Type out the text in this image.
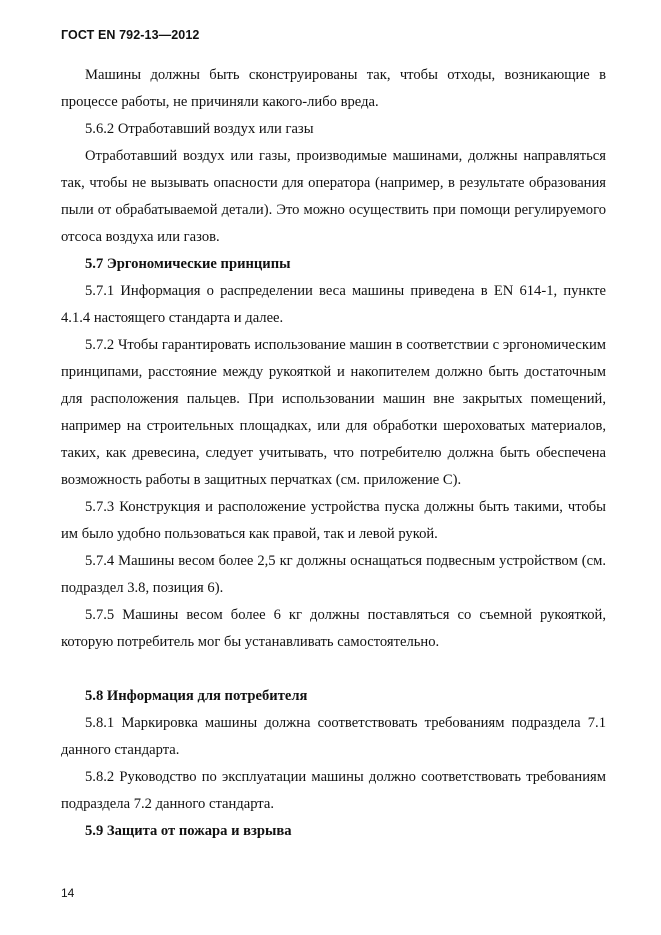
ГОСТ EN 792-13—2012

Машины должны быть сконструированы так, чтобы отходы, возникающие в процессе работы, не причиняли какого-либо вреда.

5.6.2 Отработавший воздух или газы

Отработавший воздух или газы, производимые машинами, должны направляться так, чтобы не вызывать опасности для оператора (например, в результате образования пыли от обрабатываемой детали). Это можно осуществить при помощи регулируемого отсоса воздуха или газов.

5.7 Эргономические принципы

5.7.1 Информация о распределении веса машины приведена в EN 614-1, пункте 4.1.4 настоящего стандарта и далее.

5.7.2 Чтобы гарантировать использование машин в соответствии с эргономическим принципами, расстояние между рукояткой и накопителем должно быть достаточным для расположения пальцев. При использовании машин вне закрытых помещений, например на строительных площадках, или для обработки шероховатых материалов, таких, как древесина, следует учитывать, что потребителю должна быть обеспечена возможность работы в защитных перчатках (см. приложение С).

5.7.3 Конструкция и расположение устройства пуска должны быть такими, чтобы им было удобно пользоваться как правой, так и левой рукой.

5.7.4 Машины весом более 2,5 кг должны оснащаться подвесным устройством (см. подраздел 3.8, позиция 6).

5.7.5 Машины весом более 6 кг должны поставляться со съемной рукояткой, которую потребитель мог бы устанавливать самостоятельно.

5.8 Информация для потребителя

5.8.1 Маркировка машины должна соответствовать требованиям подраздела 7.1 данного стандарта.

5.8.2 Руководство по эксплуатации машины должно соответствовать требованиям подраздела 7.2 данного стандарта.

5.9 Защита от пожара и взрыва
14
